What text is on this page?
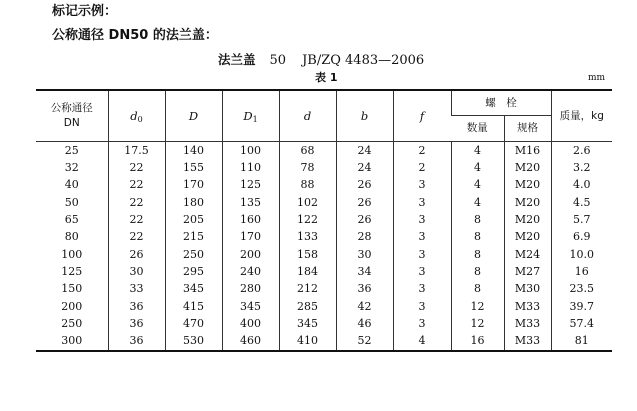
标记示例：
公称通径 DN50 的法兰盖：
法兰盖 50 JB/ZQ 4483—2006
表 1	mm
公称通径
DN	d0	D	D1	d	b	f	螺　栓		质量，kg
							数量	规格	
25	17.5	140	100	68	24	2	4	M16	2.6
32	22	155	110	78	24	2	4	M20	3.2
40	22	170	125	88	26	3	4	M20	4.0
50	22	180	135	102	26	3	4	M20	4.5
65	22	205	160	122	26	3	8	M20	5.7
80	22	215	170	133	28	3	8	M20	6.9
100	26	250	200	158	30	3	8	M24	10.0
125	30	295	240	184	34	3	8	M27	16
150	33	345	280	212	36	3	8	M30	23.5
200	36	415	345	285	42	3	12	M33	39.7
250	36	470	400	345	46	3	12	M33	57.4
300	36	530	460	410	52	4	16	M33	81
